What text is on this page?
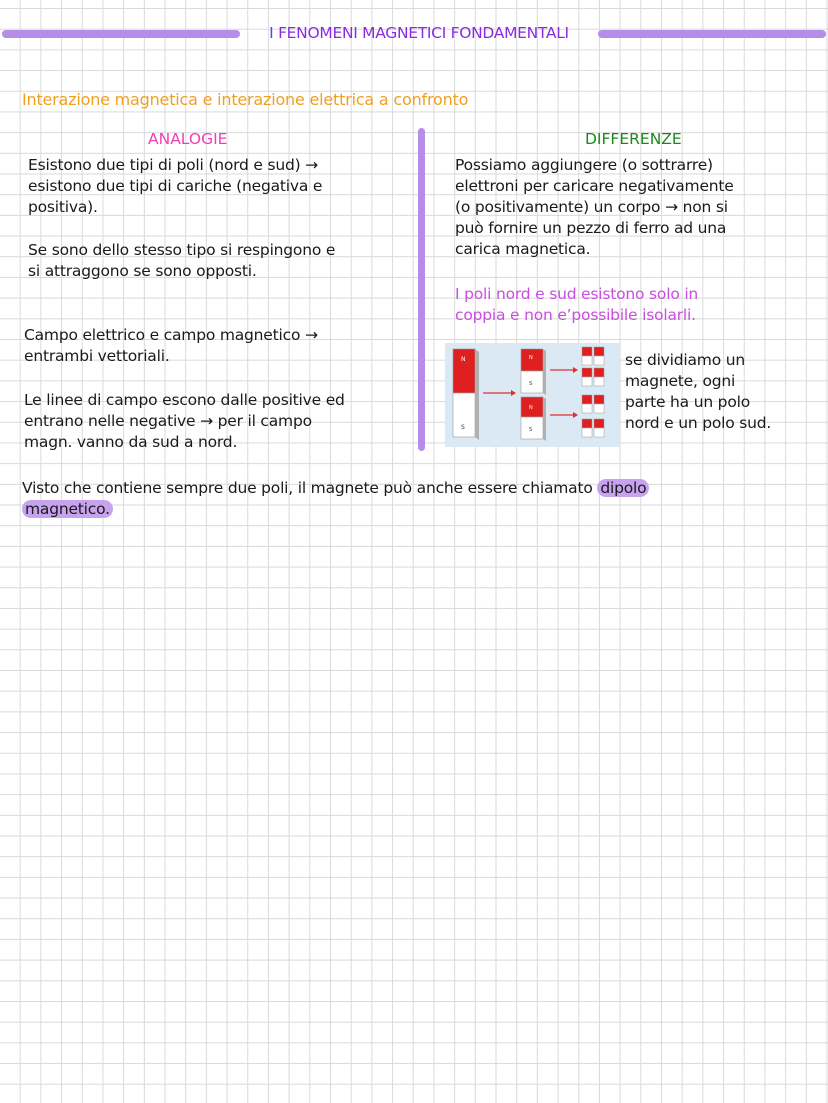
I FENOMENI MAGNETICI FONDAMENTALI
Interazione magnetica e interazione elettrica a confronto
ANALOGIE	DIFFERENZE
Esistono due tipi di poli (nord e sud) →
esistono due tipi di cariche (negativa e
positiva).
Se sono dello stesso tipo si respingono e
si attraggono se sono opposti.
Campo elettrico e campo magnetico →
entrambi vettoriali.
Le linee di campo escono dalle positive ed
entrano nelle negative → per il campo
magn. vanno da sud a nord.
Possiamo aggiungere (o sottrarre)
elettroni per caricare negativamente
(o positivamente) un corpo → non si
può fornire un pezzo di ferro ad una
carica magnetica.
I poli nord e sud esistono solo in
coppia e non e’possibile isolarli.
N
S
N
S
N
S
se dividiamo un
magnete, ogni
parte ha un polo
nord e un polo sud.
Visto che contiene sempre due poli, il magnete può anche essere chiamato dipolo
magnetico.
